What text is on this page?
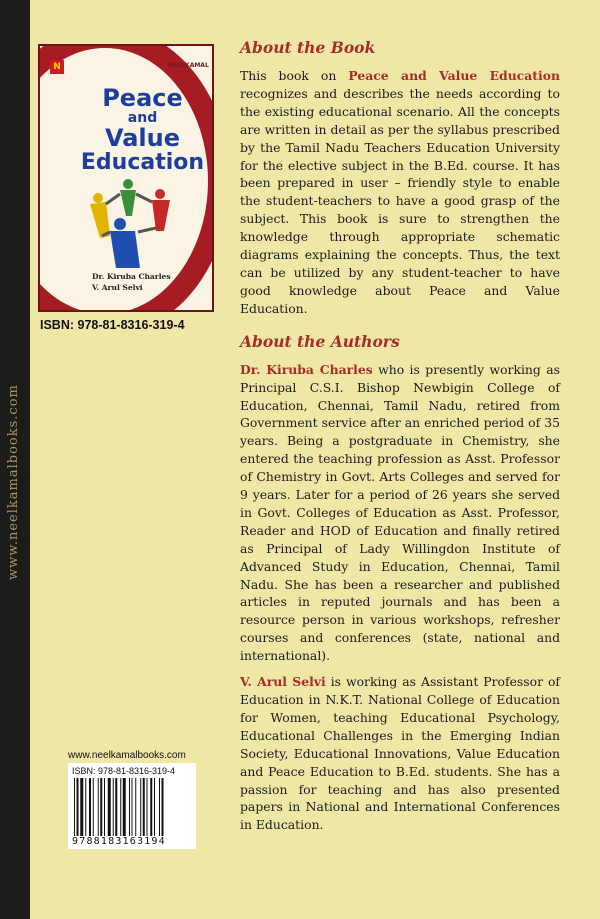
www.neelkamalbooks.com
N	NEELKAMAL
Peace
and
Value
Education
Dr. Kiruba Charles
V. Arul Selvi
ISBN: 978-81-8316-319-4
About the Book

This book on Peace and Value Education recognizes and describes the needs according to the existing educational scenario. All the concepts are written in detail as per the syllabus prescribed by the Tamil Nadu Teachers Education University for the elective subject in the B.Ed. course. It has been prepared in user – friendly style to enable the student-teachers to have a good grasp of the subject. This book is sure to strengthen the knowledge through appropriate schematic diagrams explaining the concepts. Thus, the text can be utilized by any student-teacher to have good knowledge about Peace and Value Education.

About the Authors

Dr. Kiruba Charles who is presently working as Principal C.S.I. Bishop Newbigin College of Education, Chennai, Tamil Nadu, retired from Government service after an enriched period of 35 years. Being a postgraduate in Chemistry, she entered the teaching profession as Asst. Professor of Chemistry in Govt. Arts Colleges and served for 9 years. Later for a period of 26 years she served in Govt. Colleges of Education as Asst. Professor, Reader and HOD of Education and finally retired as Principal of Lady Willingdon Institute of Advanced Study in Education, Chennai, Tamil Nadu. She has been a researcher and published articles in reputed journals and has been a resource person in various workshops, refresher courses and conferences (state, national and international).

V. Arul Selvi is working as Assistant Professor of Education in N.K.T. National College of Education for Women, teaching Educational Psychology, Educational Challenges in the Emerging Indian Society, Educational Innovations, Value Education and Peace Education to B.Ed. students. She has a passion for teaching and has also presented papers in National and International Conferences in Education.

www.neelkamalbooks.com
ISBN: 978-81-8316-319-4
9788183163194
